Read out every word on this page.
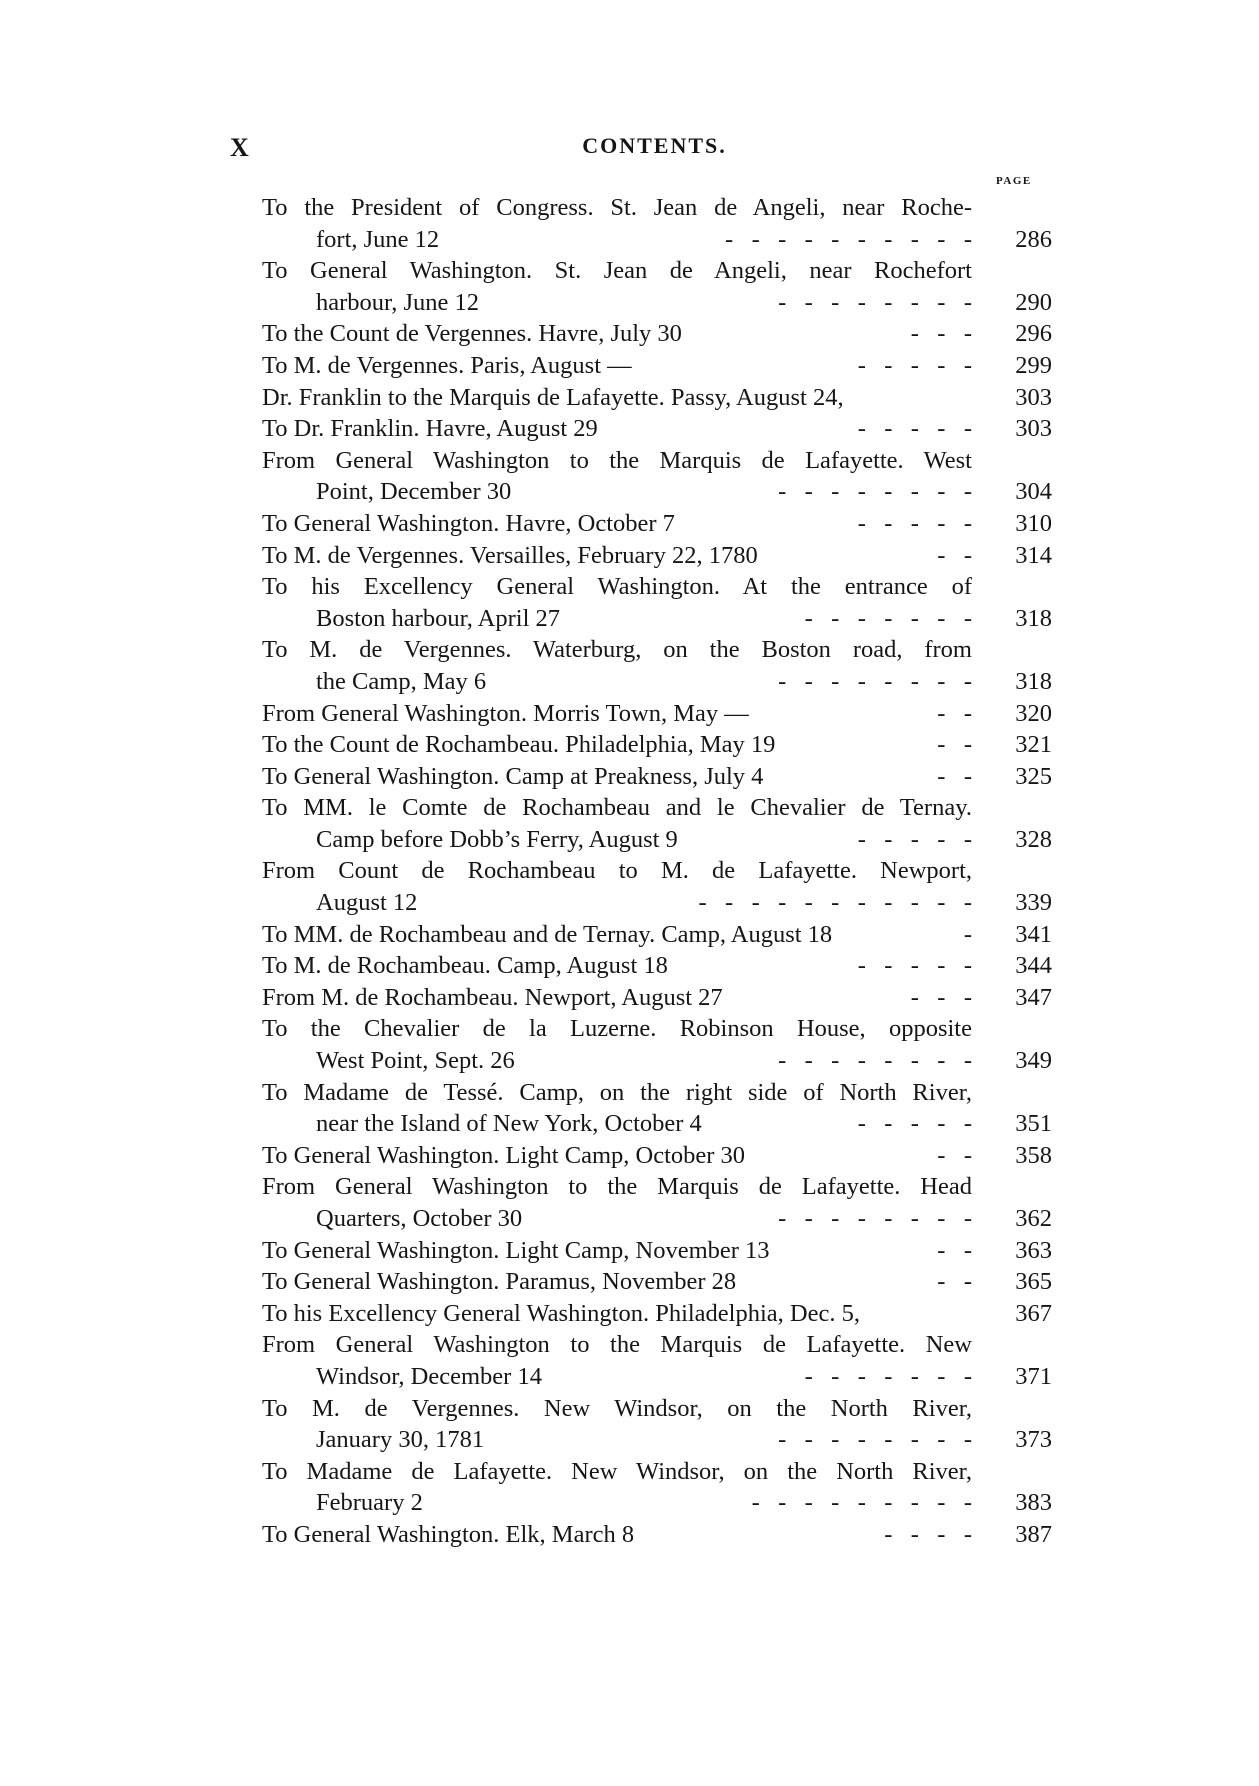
X	CONTENTS.
PAGE
To the President of Congress. St. Jean de Angeli, near Roche-
fort, June 12	-   -   -   -   -   -   -   -   -   -	286
To General Washington. St. Jean de Angeli, near Rochefort
harbour, June 12	-   -   -   -   -   -   -   -	290
To the Count de Vergennes. Havre, July 30	-   -   -	296
To M. de Vergennes. Paris, August —	-   -   -   -   -	299
Dr. Franklin to the Marquis de Lafayette. Passy, August 24,	303
To Dr. Franklin. Havre, August 29	-   -   -   -   -	303
From General Washington to the Marquis de Lafayette. West
Point, December 30	-   -   -   -   -   -   -   -	304
To General Washington. Havre, October 7	-   -   -   -   -	310
To M. de Vergennes. Versailles, February 22, 1780	-   -	314
To his Excellency General Washington. At the entrance of
Boston harbour, April 27	-   -   -   -   -   -   -	318
To M. de Vergennes. Waterburg, on the Boston road, from
the Camp, May 6	-   -   -   -   -   -   -   -	318
From General Washington. Morris Town, May —	-   -	320
To the Count de Rochambeau. Philadelphia, May 19	-   -	321
To General Washington. Camp at Preakness, July 4	-   -	325
To MM. le Comte de Rochambeau and le Chevalier de Ternay.
Camp before Dobb’s Ferry, August 9	-   -   -   -   -	328
From Count de Rochambeau to M. de Lafayette. Newport,
August 12	-   -   -   -   -   -   -   -   -   -   -	339
To MM. de Rochambeau and de Ternay. Camp, August 18	-	341
To M. de Rochambeau. Camp, August 18	-   -   -   -   -	344
From M. de Rochambeau. Newport, August 27	-   -   -	347
To the Chevalier de la Luzerne. Robinson House, opposite
West Point, Sept. 26	-   -   -   -   -   -   -   -	349
To Madame de Tessé. Camp, on the right side of North River,
near the Island of New York, October 4	-   -   -   -   -	351
To General Washington. Light Camp, October 30	-   -	358
From General Washington to the Marquis de Lafayette. Head
Quarters, October 30	-   -   -   -   -   -   -   -	362
To General Washington. Light Camp, November 13	-   -	363
To General Washington. Paramus, November 28	-   -	365
To his Excellency General Washington. Philadelphia, Dec. 5,	367
From General Washington to the Marquis de Lafayette. New
Windsor, December 14	-   -   -   -   -   -   -	371
To M. de Vergennes. New Windsor, on the North River,
January 30, 1781	-   -   -   -   -   -   -   -	373
To Madame de Lafayette. New Windsor, on the North River,
February 2	-   -   -   -   -   -   -   -   -	383
To General Washington. Elk, March 8	-   -   -   -	387
